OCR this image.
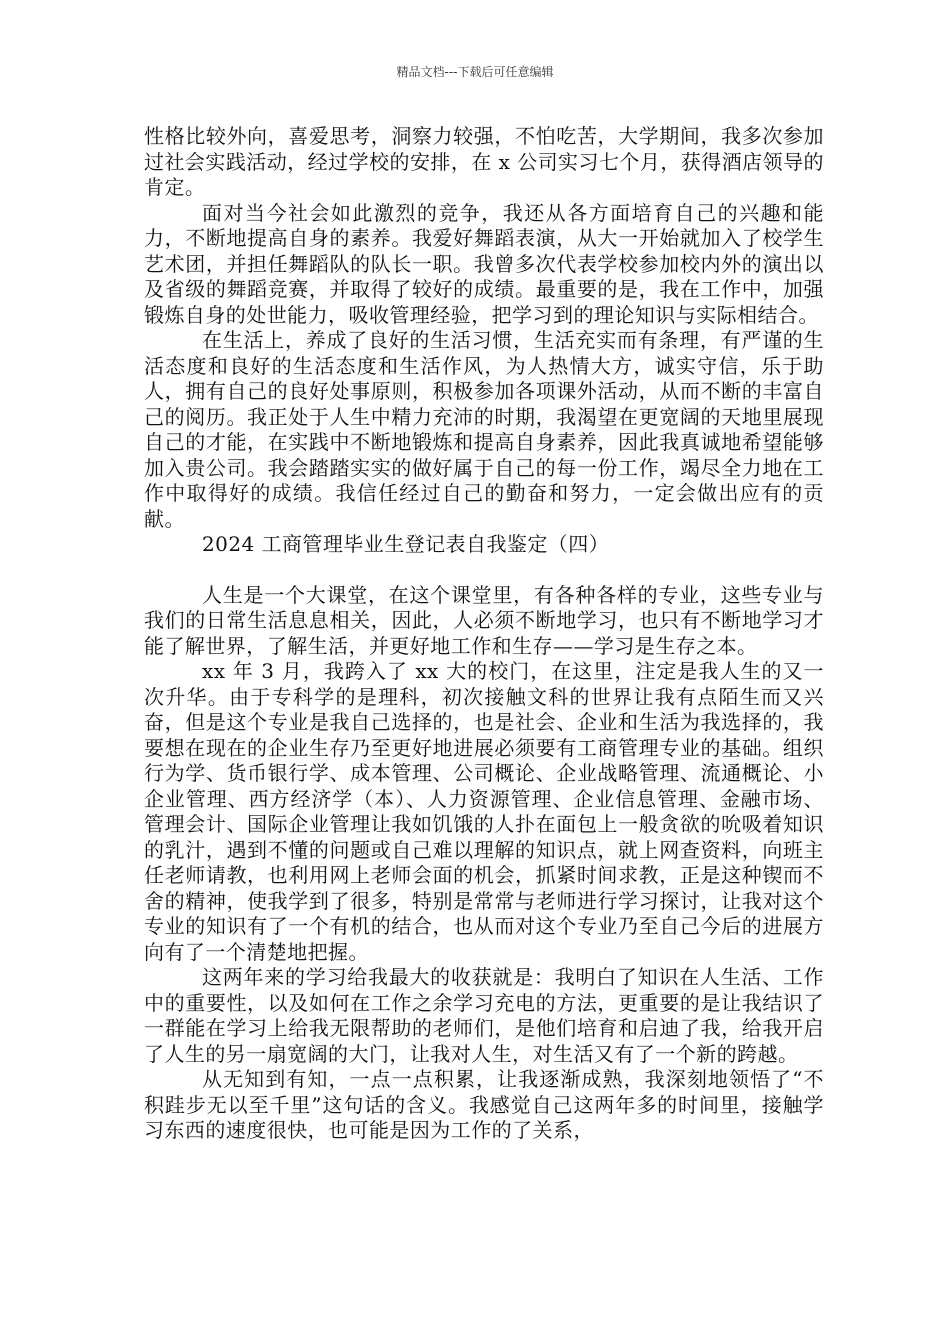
精品文档---下载后可任意编辑

性格比较外向，喜爱思考，洞察力较强，不怕吃苦，大学期间，我多次参加过社会实践活动，经过学校的安排，在 x 公司实习七个月，获得酒店领导的肯定。

面对当今社会如此激烈的竞争，我还从各方面培育自己的兴趣和能力，不断地提高自身的素养。我爱好舞蹈表演，从大一开始就加入了校学生艺术团，并担任舞蹈队的队长一职。我曾多次代表学校参加校内外的演出以及省级的舞蹈竞赛，并取得了较好的成绩。最重要的是，我在工作中，加强锻炼自身的处世能力，吸收管理经验，把学习到的理论知识与实际相结合。

在生活上，养成了良好的生活习惯，生活充实而有条理，有严谨的生活态度和良好的生活态度和生活作风，为人热情大方，诚实守信，乐于助人，拥有自己的良好处事原则，积极参加各项课外活动，从而不断的丰富自己的阅历。我正处于人生中精力充沛的时期，我渴望在更宽阔的天地里展现自己的才能，在实践中不断地锻炼和提高自身素养，因此我真诚地希望能够加入贵公司。我会踏踏实实的做好属于自己的每一份工作，竭尽全力地在工作中取得好的成绩。我信任经过自己的勤奋和努力，一定会做出应有的贡献。

2024 工商管理毕业生登记表自我鉴定（四）

人生是一个大课堂，在这个课堂里，有各种各样的专业，这些专业与我们的日常生活息息相关，因此，人必须不断地学习，也只有不断地学习才能了解世界，了解生活，并更好地工作和生存——学习是生存之本。

xx 年 3 月，我跨入了 xx 大的校门，在这里，注定是我人生的又一次升华。由于专科学的是理科，初次接触文科的世界让我有点陌生而又兴奋，但是这个专业是我自己选择的，也是社会、企业和生活为我选择的，我要想在现在的企业生存乃至更好地进展必须要有工商管理专业的基础。组织行为学、货币银行学、成本管理、公司概论、企业战略管理、流通概论、小企业管理、西方经济学（本）、人力资源管理、企业信息管理、金融市场、管理会计、国际企业管理让我如饥饿的人扑在面包上一般贪欲的吮吸着知识的乳汁，遇到不懂的问题或自己难以理解的知识点，就上网查资料，向班主任老师请教，也利用网上老师会面的机会，抓紧时间求教，正是这种锲而不舍的精神，使我学到了很多，特别是常常与老师进行学习探讨，让我对这个专业的知识有了一个有机的结合，也从而对这个专业乃至自己今后的进展方向有了一个清楚地把握。

这两年来的学习给我最大的收获就是：我明白了知识在人生活、工作中的重要性，以及如何在工作之余学习充电的方法，更重要的是让我结识了一群能在学习上给我无限帮助的老师们，是他们培育和启迪了我，给我开启了人生的另一扇宽阔的大门，让我对人生，对生活又有了一个新的跨越。

从无知到有知，一点一点积累，让我逐渐成熟，我深刻地领悟了“不积跬步无以至千里”这句话的含义。我感觉自己这两年多的时间里，接触学习东西的速度很快，也可能是因为工作的了关系，
